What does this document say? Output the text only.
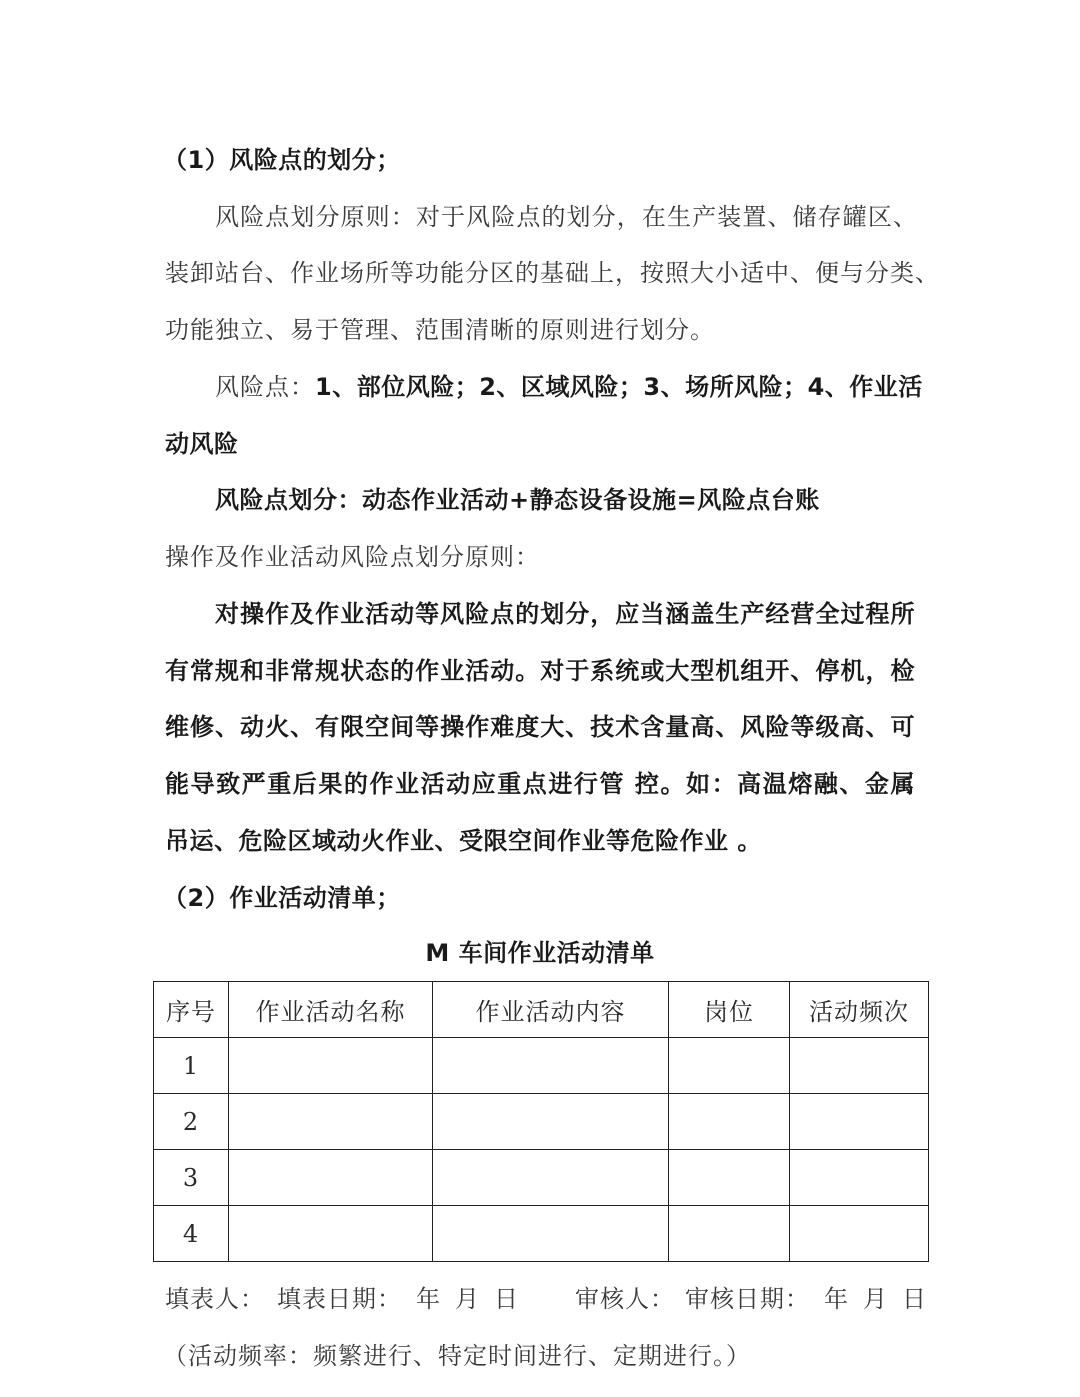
（1）风险点的划分；
风险点划分原则：对于风险点的划分，在生产装置、储存罐区、
装卸站台、作业场所等功能分区的基础上，按照大小适中、便与分类、
功能独立、易于管理、范围清晰的原则进行划分。
风险点：1、部位风险；2、区域风险；3、场所风险；4、作业活
动风险
风险点划分：动态作业活动+静态设备设施=风险点台账
操作及作业活动风险点划分原则：
对操作及作业活动等风险点的划分，应当涵盖生产经营全过程所
有常规和非常规状态的作业活动。对于系统或大型机组开、停机，检
维修、动火、有限空间等操作难度大、技术含量高、风险等级高、可
能导致严重后果的作业活动应重点进行管 控。如：高温熔融、金属
吊运、危险区域动火作业、受限空间作业等危险作业 。
（2）作业活动清单；
M 车间作业活动清单
序号	作业活动名称	作业活动内容	岗位	活动频次
1				
2				
3				
4				
填表人： 填表日期： 年 月 日 审核人： 审核日期： 年 月 日
（活动频率：频繁进行、特定时间进行、定期进行。）
